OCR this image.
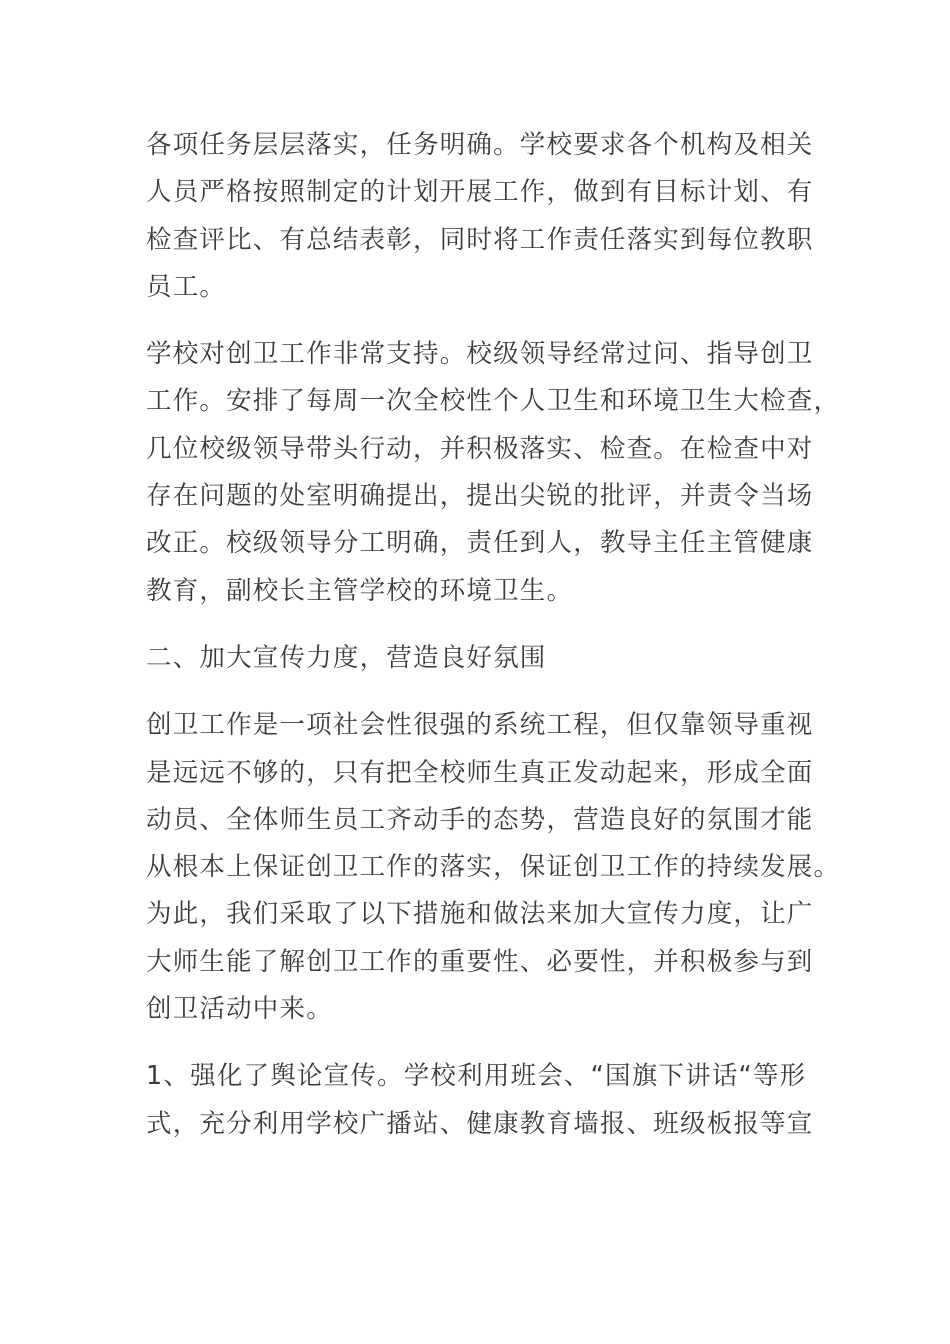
各项任务层层落实，任务明确。学校要求各个机构及相关
人员严格按照制定的计划开展工作，做到有目标计划、有
检查评比、有总结表彰，同时将工作责任落实到每位教职
员工。
学校对创卫工作非常支持。校级领导经常过问、指导创卫
工作。安排了每周一次全校性个人卫生和环境卫生大检查，
几位校级领导带头行动，并积极落实、检查。在检查中对
存在问题的处室明确提出，提出尖锐的批评，并责令当场
改正。校级领导分工明确，责任到人，教导主任主管健康
教育，副校长主管学校的环境卫生。
二、加大宣传力度，营造良好氛围
创卫工作是一项社会性很强的系统工程，但仅靠领导重视
是远远不够的，只有把全校师生真正发动起来，形成全面
动员、全体师生员工齐动手的态势，营造良好的氛围才能
从根本上保证创卫工作的落实，保证创卫工作的持续发展。
为此，我们采取了以下措施和做法来加大宣传力度，让广
大师生能了解创卫工作的重要性、必要性，并积极参与到
创卫活动中来。
1、强化了舆论宣传。学校利用班会、“国旗下讲话“等形
式，充分利用学校广播站、健康教育墙报、班级板报等宣
